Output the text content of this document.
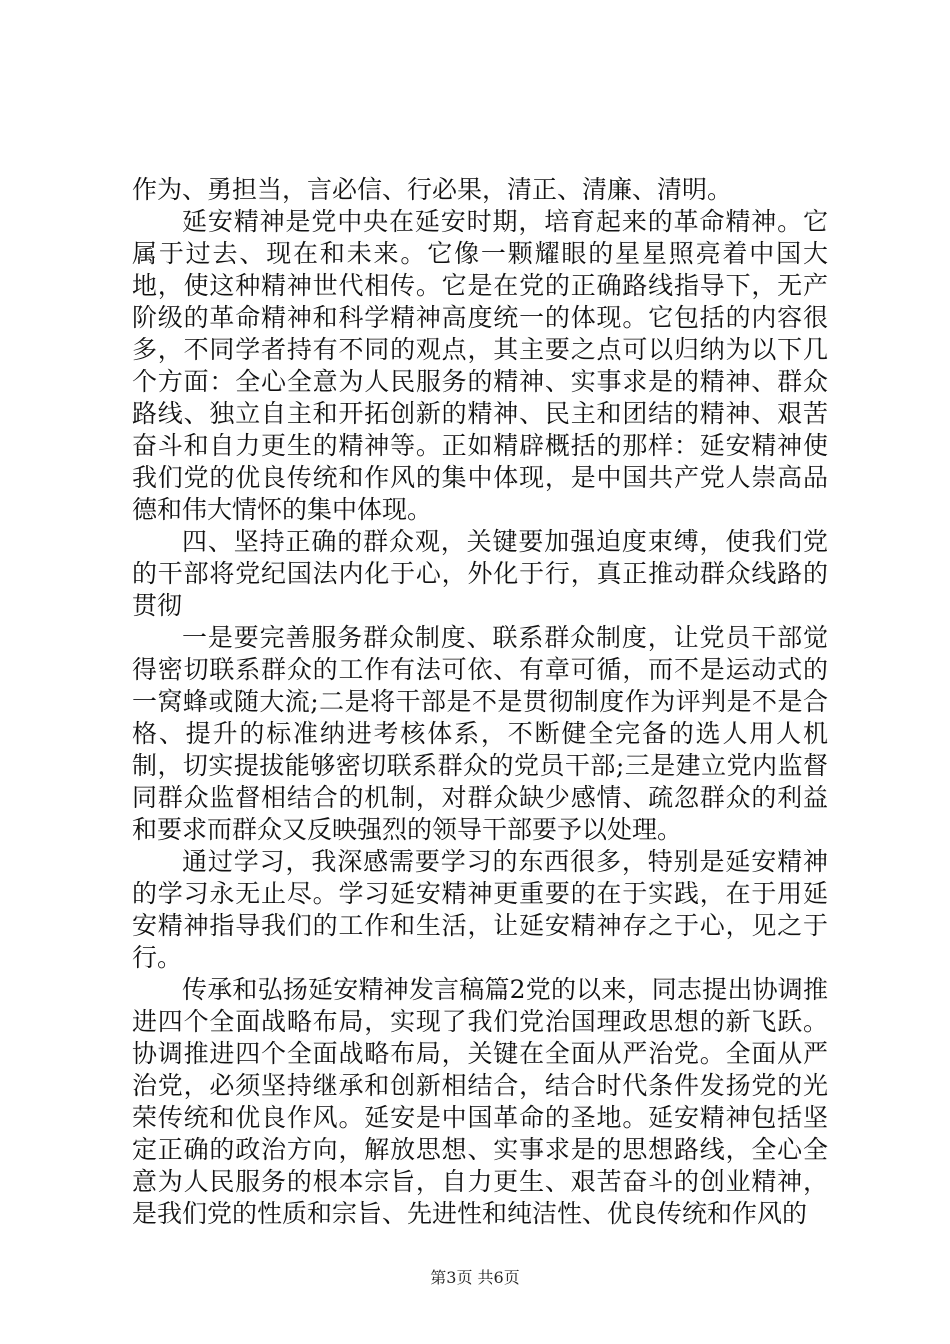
作为、勇担当，言必信、行必果，清正、清廉、清明。

延安精神是党中央在延安时期，培育起来的革命精神。它属于过去、现在和未来。它像一颗耀眼的星星照亮着中国大地，使这种精神世代相传。它是在党的正确路线指导下，无产阶级的革命精神和科学精神高度统一的体现。它包括的内容很多，不同学者持有不同的观点，其主要之点可以归纳为以下几个方面：全心全意为人民服务的精神、实事求是的精神、群众路线、独立自主和开拓创新的精神、民主和团结的精神、艰苦奋斗和自力更生的精神等。正如精辟概括的那样：延安精神使我们党的优良传统和作风的集中体现，是中国共产党人崇高品德和伟大情怀的集中体现。

四、坚持正确的群众观，关键要加强迫度束缚，使我们党的干部将党纪国法内化于心，外化于行，真正推动群众线路的贯彻

一是要完善服务群众制度、联系群众制度，让党员干部觉得密切联系群众的工作有法可依、有章可循，而不是运动式的一窝蜂或随大流;二是将干部是不是贯彻制度作为评判是不是合格、提升的标准纳进考核体系，不断健全完备的选人用人机制，切实提拔能够密切联系群众的党员干部;三是建立党内监督同群众监督相结合的机制，对群众缺少感情、疏忽群众的利益和要求而群众又反映强烈的领导干部要予以处理。

通过学习，我深感需要学习的东西很多，特别是延安精神的学习永无止尽。学习延安精神更重要的在于实践，在于用延安精神指导我们的工作和生活，让延安精神存之于心，见之于行。

传承和弘扬延安精神发言稿篇2党的以来，同志提出协调推进四个全面战略布局，实现了我们党治国理政思想的新飞跃。协调推进四个全面战略布局，关键在全面从严治党。全面从严治党，必须坚持继承和创新相结合，结合时代条件发扬党的光荣传统和优良作风。延安是中国革命的圣地。延安精神包括坚定正确的政治方向，解放思想、实事求是的思想路线，全心全意为人民服务的根本宗旨，自力更生、艰苦奋斗的创业精神，是我们党的性质和宗旨、先进性和纯洁性、优良传统和作风的

第3页 共6页
